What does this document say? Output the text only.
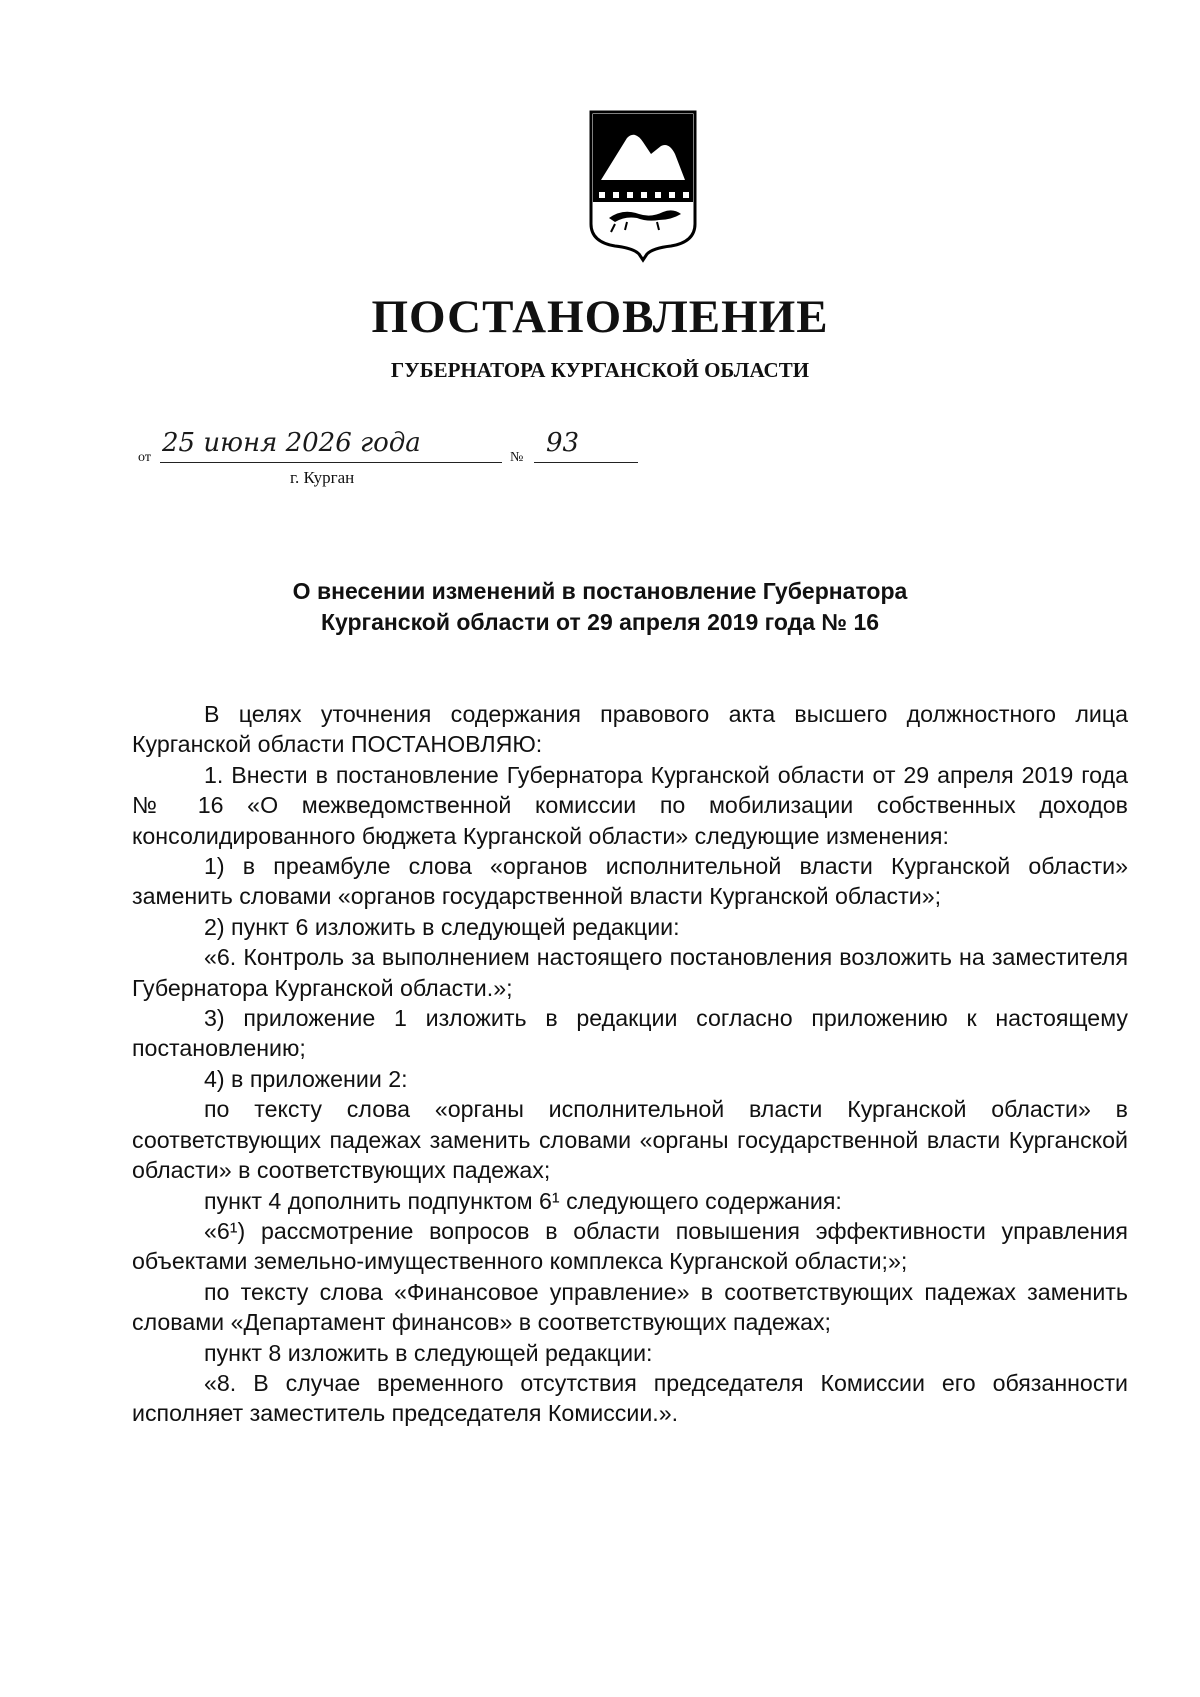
ПОСТАНОВЛЕНИЕ
ГУБЕРНАТОРА КУРГАНСКОЙ ОБЛАСТИ
от 25 июня 2026 года	№ 93
г. Курган
О внесении изменений в постановление Губернатора
Курганской области от 29 апреля 2019 года № 16

В целях уточнения содержания правового акта высшего должностного лица Курганской области ПОСТАНОВЛЯЮ:

1. Внести в постановление Губернатора Курганской области от 29 апреля 2019 года № 16 «О межведомственной комиссии по мобилизации собственных доходов консолидированного бюджета Курганской области» следующие изменения:

1) в преамбуле слова «органов исполнительной власти Курганской области» заменить словами «органов государственной власти Курганской области»;

2) пункт 6 изложить в следующей редакции:

«6. Контроль за выполнением настоящего постановления возложить на заместителя Губернатора Курганской области.»;

3) приложение 1 изложить в редакции согласно приложению к настоящему постановлению;

4) в приложении 2:

по тексту слова «органы исполнительной власти Курганской области» в соответствующих падежах заменить словами «органы государственной власти Курганской области» в соответствующих падежах;

пункт 4 дополнить подпунктом 6¹ следующего содержания:

«6¹) рассмотрение вопросов в области повышения эффективности управления объектами земельно-имущественного комплекса Курганской области;»;

по тексту слова «Финансовое управление» в соответствующих падежах заменить словами «Департамент финансов» в соответствующих падежах;

пункт 8 изложить в следующей редакции:

«8. В случае временного отсутствия председателя Комиссии его обязанности исполняет заместитель председателя Комиссии.».
